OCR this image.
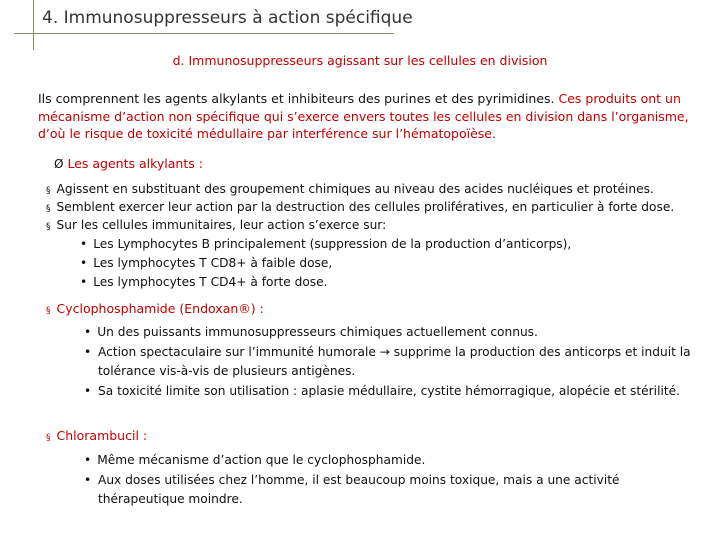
4. Immunosuppresseurs à action spécifique
d. Immunosuppresseurs agissant sur les cellules en division
Ils comprennent les agents alkylants et inhibiteurs des purines et des pyrimidines. Ces produits ont un mécanisme d’action non spécifique qui s’exerce envers toutes les cellules en division dans l’organisme, d’où le risque de toxicité médullaire par interférence sur l’hématopoïèse.
Ø Les agents alkylants :
§ Agissent en substituant des groupement chimiques au niveau des acides nucléiques et protéines.
§ Semblent exercer leur action par la destruction des cellules prolifératives, en particulier à forte dose.
§ Sur les cellules immunitaires, leur action s’exerce sur:
• Les Lymphocytes B principalement (suppression de la production d’anticorps),
• Les lymphocytes T CD8+ à faible dose,
• Les lymphocytes T CD4+ à forte dose.
§ Cyclophosphamide (Endoxan®) :
• Un des puissants immunosuppresseurs chimiques actuellement connus.
• Action spectaculaire sur l’immunité humorale → supprime la production des anticorps et induit la tolérance vis-à-vis de plusieurs antigènes.
• Sa toxicité limite son utilisation : aplasie médullaire, cystite hémorragique, alopécie et stérilité.
§ Chlorambucil :
• Même mécanisme d’action que le cyclophosphamide.
• Aux doses utilisées chez l’homme, il est beaucoup moins toxique, mais a une activité thérapeutique moindre.
